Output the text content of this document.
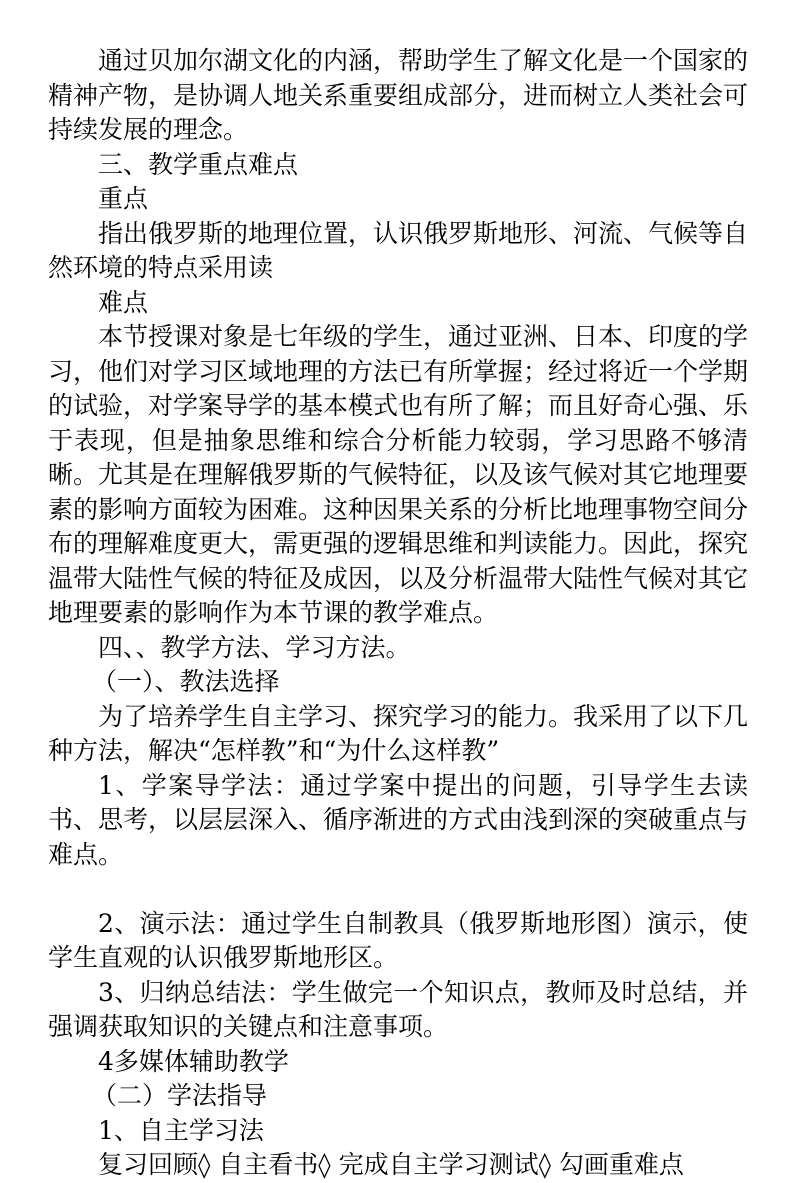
通过贝加尔湖文化的内涵，帮助学生了解文化是一个国家的精神产物，是协调人地关系重要组成部分，进而树立人类社会可持续发展的理念。

三、教学重点难点

重点

指出俄罗斯的地理位置，认识俄罗斯地形、河流、气候等自然环境的特点采用读

难点

本节授课对象是七年级的学生，通过亚洲、日本、印度的学习，他们对学习区域地理的方法已有所掌握；经过将近一个学期的试验，对学案导学的基本模式也有所了解；而且好奇心强、乐于表现，但是抽象思维和综合分析能力较弱，学习思路不够清晰。尤其是在理解俄罗斯的气候特征，以及该气候对其它地理要素的影响方面较为困难。这种因果关系的分析比地理事物空间分布的理解难度更大，需更强的逻辑思维和判读能力。因此，探究温带大陆性气候的特征及成因，以及分析温带大陆性气候对其它地理要素的影响作为本节课的教学难点。

四、、教学方法、学习方法。

（一）、教法选择

为了培养学生自主学习、探究学习的能力。我采用了以下几种方法，解决“怎样教”和“为什么这样教”

1、学案导学法：通过学案中提出的问题，引导学生去读书、思考，以层层深入、循序渐进的方式由浅到深的突破重点与难点。

2、演示法：通过学生自制教具（俄罗斯地形图）演示，使学生直观的认识俄罗斯地形区。

3、归纳总结法：学生做完一个知识点，教师及时总结，并强调获取知识的关键点和注意事项。

4多媒体辅助教学

（二）学法指导

1、自主学习法

复习回顾◊ 自主看书◊ 完成自主学习测试◊ 勾画重难点
